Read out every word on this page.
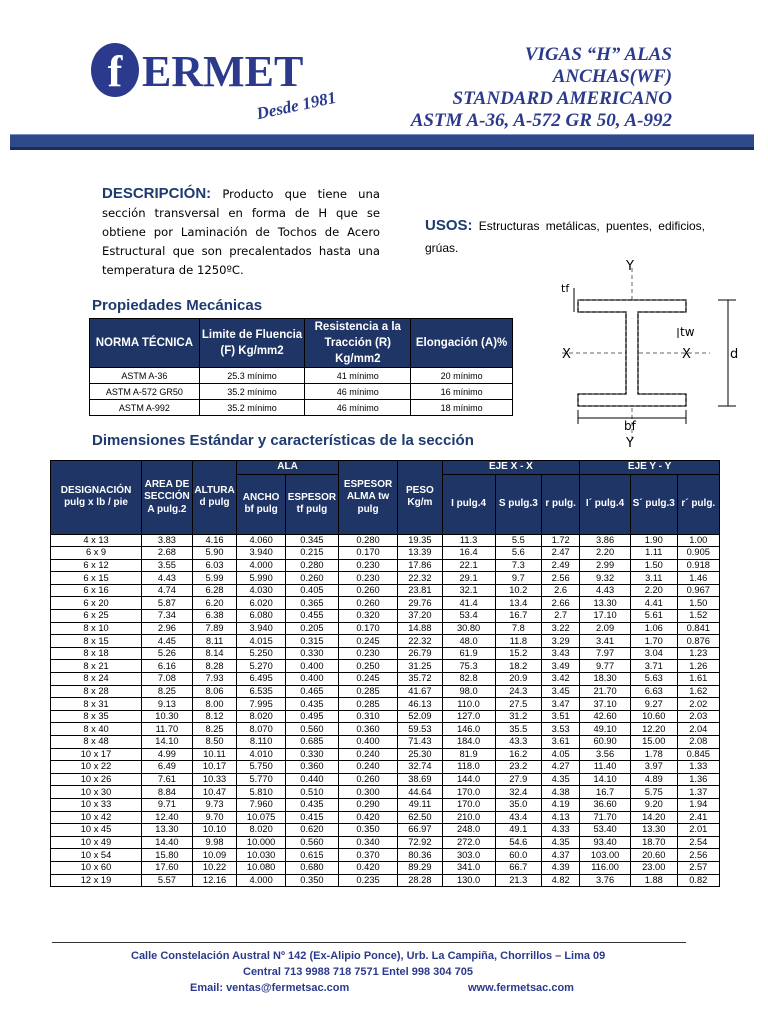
f ERMET
Desde 1981
VIGAS “H” ALAS
ANCHAS(WF)
STANDARD AMERICANO
ASTM A-36, A-572 GR 50, A-992
DESCRIPCIÓN: Producto que tiene una sección transversal en forma de H que se obtiene por Laminación de Tochos de Acero Estructural que son precalentados hasta una temperatura de 1250ºC.
USOS: Estructuras metálicas, puentes, edificios, grúas.
Propiedades Mecánicas
NORMA TÉCNICA	Limite de Fluencia (F) Kg/mm2	Resistencia a la Tracción (R) Kg/mm2	Elongación (A)%
ASTM A-36	25.3 mínimo	41 mínimo	20 mínimo
ASTM A-572 GR50	35.2 mínimo	46 mínimo	16 mínimo
ASTM A-992	35.2 mínimo	46 mínimo	18 mínimo
Y
Y
X	X
tf
tw
d
bf
Dimensiones Estándar y características de la sección
DESIGNACIÓN pulg x lb / pie	AREA DE SECCIÓN A pulg.2	ALTURA d pulg	ALA		ESPESOR ALMA tw pulg	PESO Kg/m	EJE X - X			EJE Y - Y		
			ANCHO bf pulg	ESPESOR tf pulg			I pulg.4	S pulg.3	r pulg.	I´ pulg.4	S´ pulg.3	r´ pulg.
4 x 13	3.83	4.16	4.060	0.345	0.280	19.35	11.3	5.5	1.72	3.86	1.90	1.00
6 x 9	2.68	5.90	3.940	0.215	0.170	13.39	16.4	5.6	2.47	2.20	1.11	0.905
6 x 12	3.55	6.03	4.000	0.280	0.230	17.86	22.1	7.3	2.49	2.99	1.50	0.918
6 x 15	4.43	5.99	5.990	0.260	0.230	22.32	29.1	9.7	2.56	9.32	3.11	1.46
6 x 16	4.74	6.28	4.030	0.405	0.260	23.81	32.1	10.2	2.6	4.43	2.20	0.967
6 x 20	5.87	6.20	6.020	0.365	0.260	29.76	41.4	13.4	2.66	13.30	4.41	1.50
6 x 25	7.34	6.38	6.080	0.455	0.320	37.20	53.4	16.7	2.7	17.10	5.61	1.52
8 x 10	2.96	7.89	3.940	0.205	0.170	14.88	30.80	7.8	3.22	2.09	1.06	0.841
8 x 15	4.45	8.11	4.015	0.315	0.245	22.32	48.0	11.8	3.29	3.41	1.70	0.876
8 x 18	5.26	8.14	5.250	0.330	0.230	26.79	61.9	15.2	3.43	7.97	3.04	1.23
8 x 21	6.16	8.28	5.270	0.400	0.250	31.25	75.3	18.2	3.49	9.77	3.71	1.26
8 x 24	7.08	7.93	6.495	0.400	0.245	35.72	82.8	20.9	3.42	18.30	5.63	1.61
8 x 28	8.25	8.06	6.535	0.465	0.285	41.67	98.0	24.3	3.45	21.70	6.63	1.62
8 x 31	9.13	8.00	7.995	0.435	0.285	46.13	110.0	27.5	3.47	37.10	9.27	2.02
8 x 35	10.30	8.12	8.020	0.495	0.310	52.09	127.0	31.2	3.51	42.60	10.60	2.03
8 x 40	11.70	8.25	8.070	0.560	0.360	59.53	146.0	35.5	3.53	49.10	12.20	2.04
8 x 48	14.10	8.50	8.110	0.685	0.400	71.43	184.0	43.3	3.61	60.90	15.00	2.08
10 x 17	4.99	10.11	4.010	0.330	0.240	25.30	81.9	16.2	4.05	3.56	1.78	0.845
10 x 22	6.49	10.17	5.750	0.360	0.240	32.74	118.0	23.2	4.27	11.40	3.97	1.33
10 x 26	7.61	10.33	5.770	0.440	0.260	38.69	144.0	27.9	4.35	14.10	4.89	1.36
10 x 30	8.84	10.47	5.810	0.510	0.300	44.64	170.0	32.4	4.38	16.7	5.75	1.37
10 x 33	9.71	9.73	7.960	0.435	0.290	49.11	170.0	35.0	4.19	36.60	9.20	1.94
10 x 42	12.40	9.70	10.075	0.415	0.420	62.50	210.0	43.4	4.13	71.70	14.20	2.41
10 x 45	13.30	10.10	8.020	0.620	0.350	66.97	248.0	49.1	4.33	53.40	13.30	2.01
10 x 49	14.40	9.98	10.000	0.560	0.340	72.92	272.0	54.6	4.35	93.40	18.70	2.54
10 x 54	15.80	10.09	10.030	0.615	0.370	80.36	303.0	60.0	4.37	103.00	20.60	2.56
10 x 60	17.60	10.22	10.080	0.680	0.420	89.29	341.0	66.7	4.39	116.00	23.00	2.57
12 x 19	5.57	12.16	4.000	0.350	0.235	28.28	130.0	21.3	4.82	3.76	1.88	0.82
Calle Constelación Austral Nº 142 (Ex-Alipio Ponce), Urb. La Campiña, Chorrillos – Lima 09
Central 713 9988 718 7571 Entel 998 304 705
Email: ventas@fermetsac.com	www.fermetsac.com
